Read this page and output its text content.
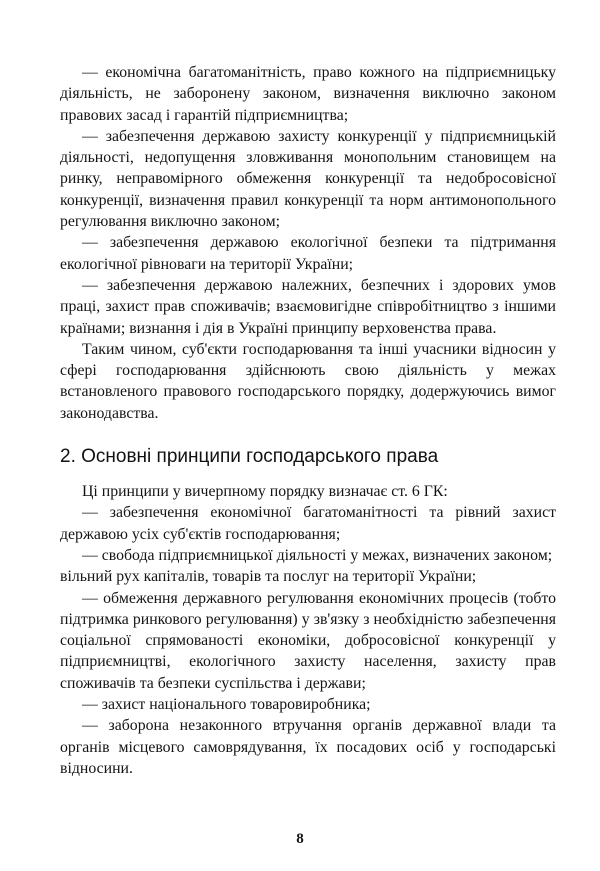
— економічна багатоманітність, право кожного на підприємницьку діяльність, не заборонену законом, визначення виключно законом правових засад і гарантій підприємництва;

— забезпечення державою захисту конкуренції у підприємницькій діяльності, недопущення зловживання монопольним становищем на ринку, неправомірного обмеження конкуренції та недобросовісної конкуренції, визначення правил конкуренції та норм антимонопольного регулювання виключно законом;

— забезпечення державою екологічної безпеки та підтримання екологічної рівноваги на території України;

— забезпечення державою належних, безпечних і здорових умов праці, захист прав споживачів; взаємовигідне співробітництво з іншими країнами; визнання і дія в Україні принципу верховенства права.

Таким чином, суб'єкти господарювання та інші учасники відносин у сфері господарювання здійснюють свою діяльність у межах встановленого правового господарського порядку, додержуючись вимог законодавства.

2. Основні принципи господарського права

Ці принципи у вичерпному порядку визначає ст. 6 ГК:

— забезпечення економічної багатоманітності та рівний захист державою усіх суб'єктів господарювання;

— свобода підприємницької діяльності у межах, визначених законом;

вільний рух капіталів, товарів та послуг на території України;

— обмеження державного регулювання економічних процесів (тобто підтримка ринкового регулювання) у зв'язку з необхідністю забезпечення соціальної спрямованості економіки, добросовісної конкуренції у підприємництві, екологічного захисту населення, захисту прав споживачів та безпеки суспільства і держави;

— захист національного товаровиробника;

— заборона незаконного втручання органів державної влади та органів місцевого самоврядування, їх посадових осіб у господарські відносини.

8
